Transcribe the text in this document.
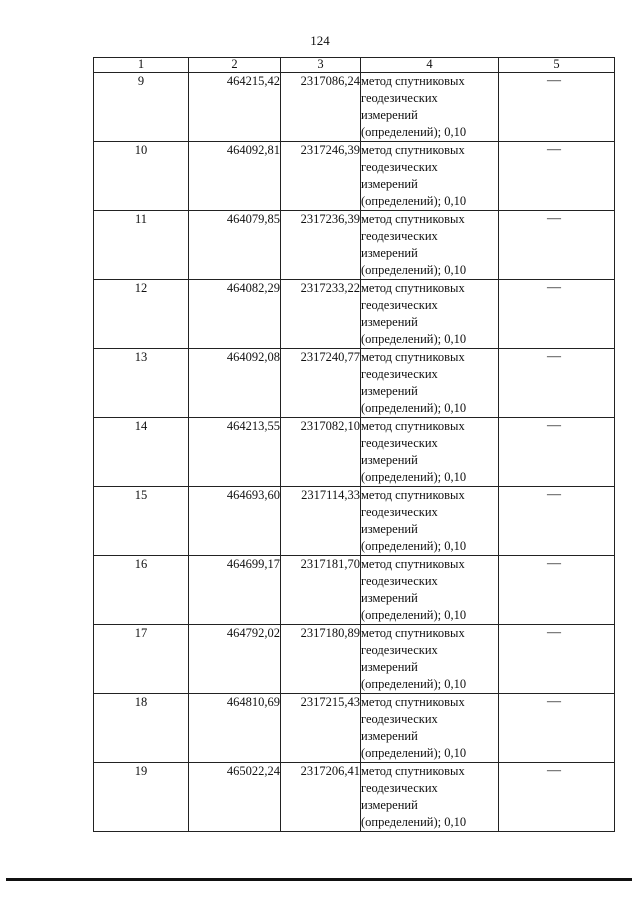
124
1	2	3	4	5
9	464215,42	2317086,24	метод спутниковых
геодезических
измерений
(определений); 0,10	—

10	464092,81	2317246,39	метод спутниковых
геодезических
измерений
(определений); 0,10	—

11	464079,85	2317236,39	метод спутниковых
геодезических
измерений
(определений); 0,10	—

12	464082,29	2317233,22	метод спутниковых
геодезических
измерений
(определений); 0,10	—

13	464092,08	2317240,77	метод спутниковых
геодезических
измерений
(определений); 0,10	—

14	464213,55	2317082,10	метод спутниковых
геодезических
измерений
(определений); 0,10	—

15	464693,60	2317114,33	метод спутниковых
геодезических
измерений
(определений); 0,10	—

16	464699,17	2317181,70	метод спутниковых
геодезических
измерений
(определений); 0,10	—

17	464792,02	2317180,89	метод спутниковых
геодезических
измерений
(определений); 0,10	—

18	464810,69	2317215,43	метод спутниковых
геодезических
измерений
(определений); 0,10	—

19	465022,24	2317206,41	метод спутниковых
геодезических
измерений
(определений); 0,10	—
